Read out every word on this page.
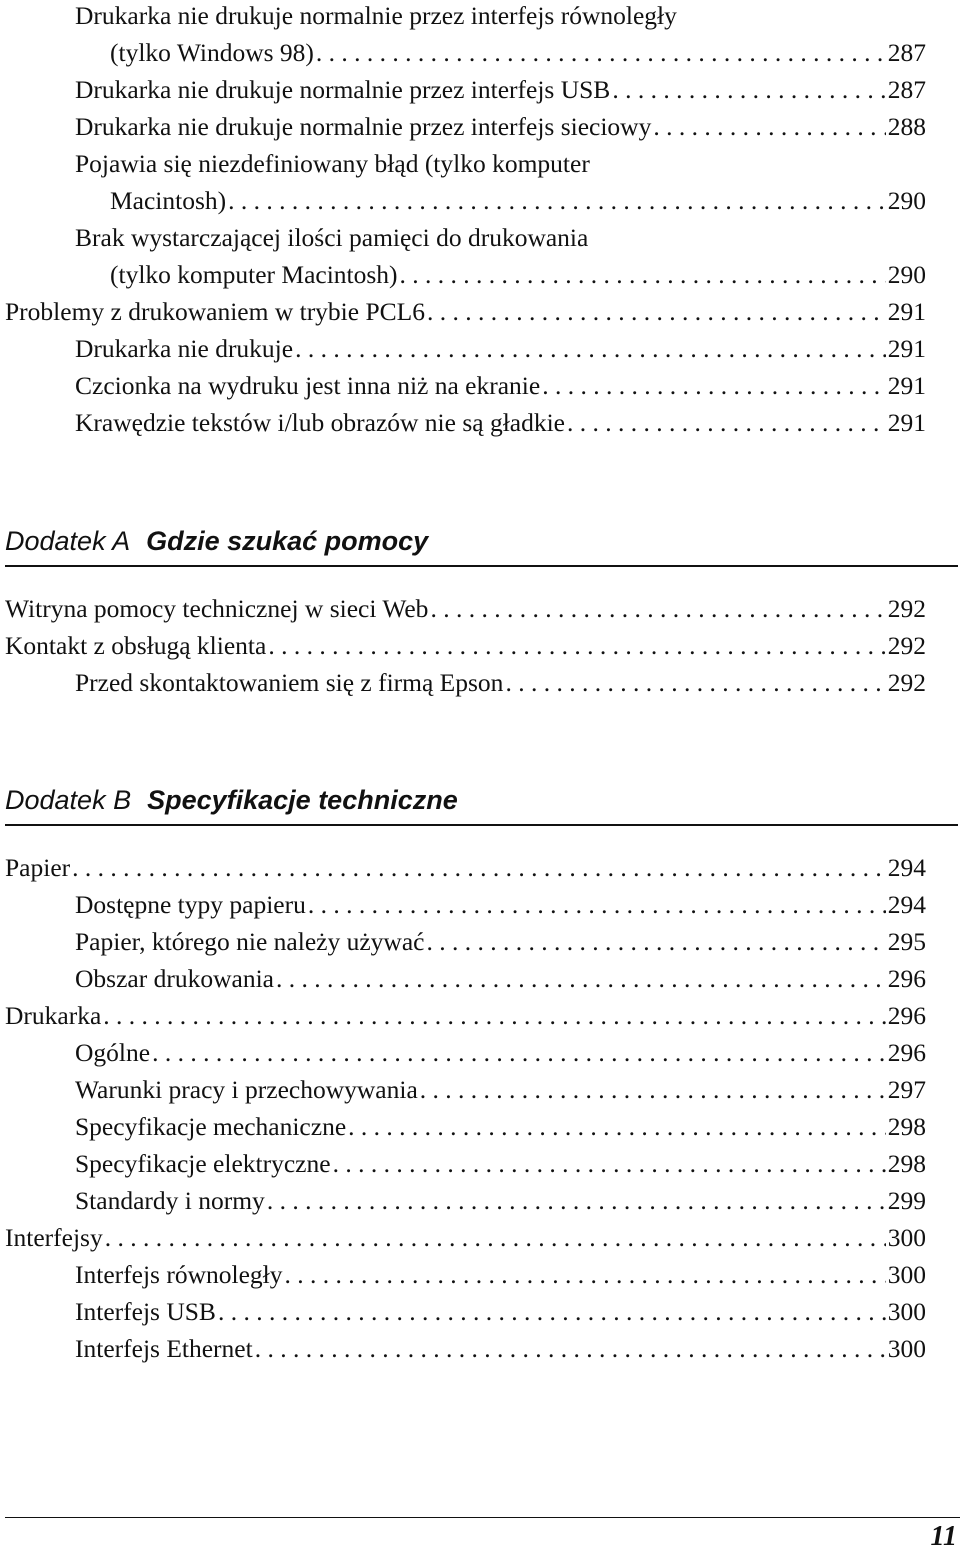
Drukarka nie drukuje normalnie przez interfejs równoległy
(tylko Windows 98) . . .	287
Drukarka nie drukuje normalnie przez interfejs USB . . .	287
Drukarka nie drukuje normalnie przez interfejs sieciowy . . .	288
Pojawia się niezdefiniowany błąd (tylko komputer
Macintosh) . . .	290
Brak wystarczającej ilości pamięci do drukowania
(tylko komputer Macintosh) . . .	290
Problemy z drukowaniem w trybie PCL6 . . .	291
Drukarka nie drukuje . . .	291
Czcionka na wydruku jest inna niż na ekranie . . .	291
Krawędzie tekstów i/lub obrazów nie są gładkie . . .	291
Dodatek A Gdzie szukać pomocy
Witryna pomocy technicznej w sieci Web . . .	292
Kontakt z obsługą klienta . . .	292
Przed skontaktowaniem się z firmą Epson . . .	292
Dodatek B Specyfikacje techniczne
Papier . . .	294
Dostępne typy papieru . . .	294
Papier, którego nie należy używać . . .	295
Obszar drukowania . . .	296
Drukarka . . .	296
Ogólne . . .	296
Warunki pracy i przechowywania . . .	297
Specyfikacje mechaniczne . . .	298
Specyfikacje elektryczne . . .	298
Standardy i normy . . .	299
Interfejsy . . .	300
Interfejs równoległy . . .	300
Interfejs USB . . .	300
Interfejs Ethernet . . .	300
11
